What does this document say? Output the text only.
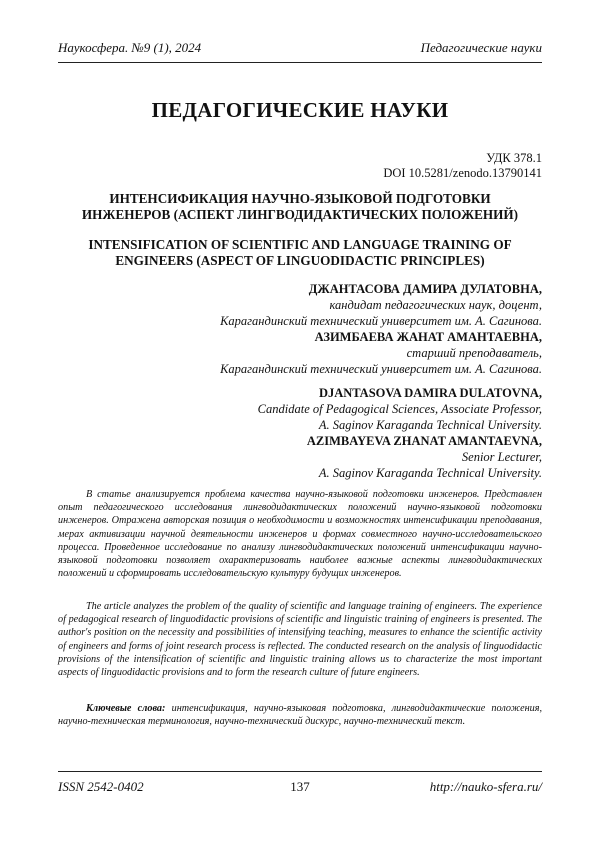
Наукосфера. №9 (1), 2024	Педагогические науки
ПЕДАГОГИЧЕСКИЕ НАУКИ
УДК 378.1
DOI 10.5281/zenodo.13790141
ИНТЕНСИФИКАЦИЯ НАУЧНО-ЯЗЫКОВОЙ ПОДГОТОВКИ
ИНЖЕНЕРОВ (АСПЕКТ ЛИНГВОДИДАКТИЧЕСКИХ ПОЛОЖЕНИЙ)
INTENSIFICATION OF SCIENTIFIC AND LANGUAGE TRAINING OF
ENGINEERS (ASPECT OF LINGUODIDACTIC PRINCIPLES)
ДЖАНТАСОВА ДАМИРА ДУЛАТОВНА,
кандидат педагогических наук, доцент,
Карагандинский технический университет им. А. Сагинова.
АЗИМБАЕВА ЖАНАТ АМАНТАЕВНА,
старший преподаватель,
Карагандинский технический университет им. А. Сагинова.
DJANTASOVA DAMIRA DULATOVNA,
Candidate of Pedagogical Sciences, Associate Professor,
A. Saginov Karaganda Technical University.
AZIMBAYEVA ZHANAT AMANTAEVNA,
Senior Lecturer,
A. Saginov Karaganda Technical University.

В статье анализируется проблема качества научно-языковой подготовки инженеров. Представлен опыт педагогического исследования лингводидактических положений научно-языковой подготовки инженеров. Отражена авторская позиция о необходимости и возможностях интенсификации преподавания, мерах активизации научной деятельности инженеров и формах совместного научно-исследовательского процесса. Проведенное исследование по анализу лингводидактических положений интенсификации научно-языковой подготовки позволяет охарактеризовать наиболее важные аспекты лингводидактических положений и сформировать исследовательскую культуру будущих инженеров.

The article analyzes the problem of the quality of scientific and language training of engineers. The experience of pedagogical research of linguodidactic provisions of scientific and linguistic training of engineers is presented. The author's position on the necessity and possibilities of intensifying teaching, measures to enhance the scientific activity of engineers and forms of joint research process is reflected. The conducted research on the analysis of linguodidactic provisions of the intensification of scientific and linguistic training allows us to characterize the most important aspects of linguodidactic provisions and to form the research culture of future engineers.

Ключевые слова: интенсификация, научно-языковая подготовка, лингводидактические положения, научно-техническая терминология, научно-технический дискурс, научно-технический текст.

ISSN 2542-0402	137	http://nauko-sfera.ru/
